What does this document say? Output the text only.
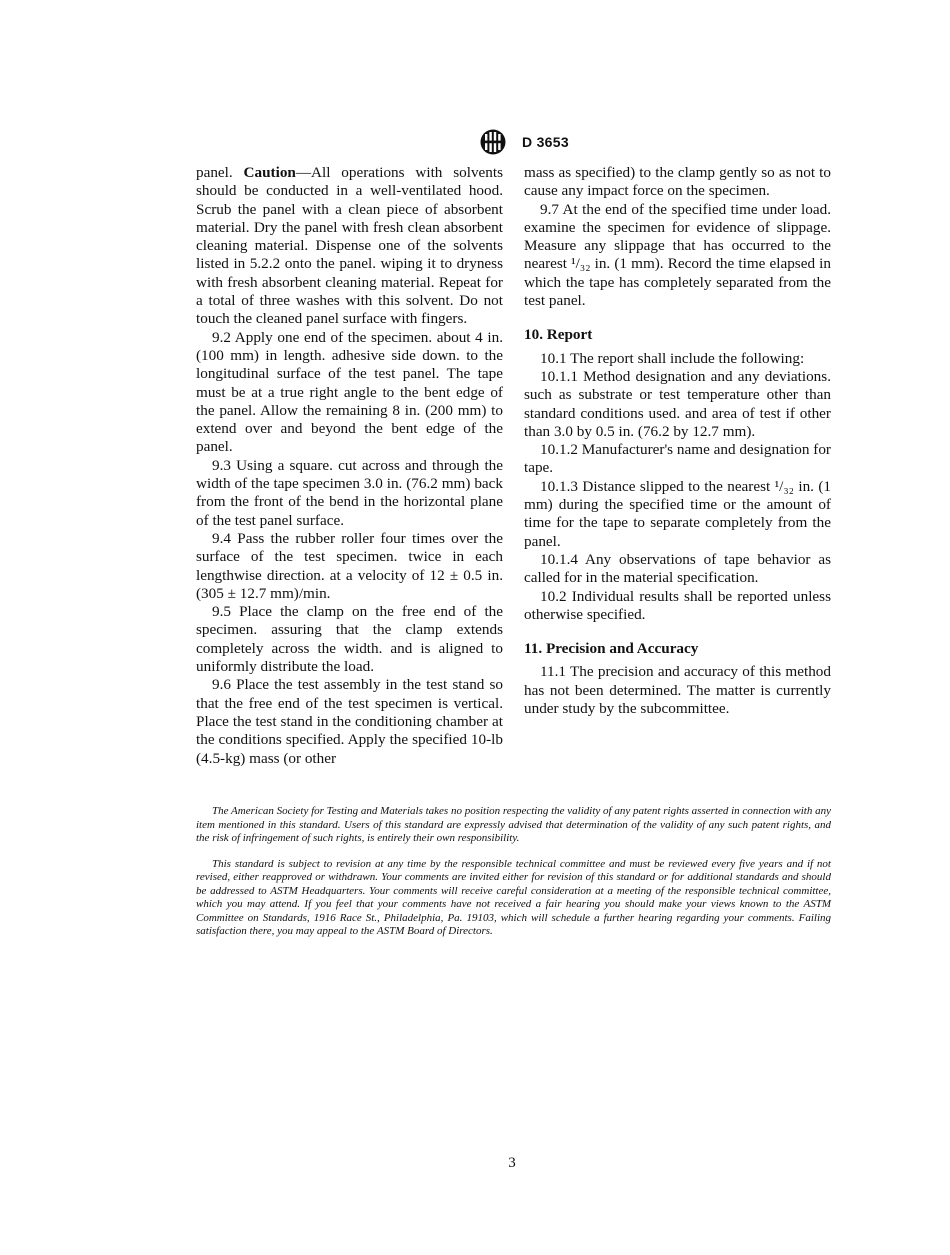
D 3653

panel. Caution—All operations with solvents should be conducted in a well-ventilated hood. Scrub the panel with a clean piece of absorbent material. Dry the panel with fresh clean absorbent cleaning material. Dispense one of the solvents listed in 5.2.2 onto the panel. wiping it to dryness with fresh absorbent cleaning material. Repeat for a total of three washes with this solvent. Do not touch the cleaned panel surface with fingers.

9.2 Apply one end of the specimen. about 4 in. (100 mm) in length. adhesive side down. to the longitudinal surface of the test panel. The tape must be at a true right angle to the bent edge of the panel. Allow the remaining 8 in. (200 mm) to extend over and beyond the bent edge of the panel.

9.3 Using a square. cut across and through the width of the tape specimen 3.0 in. (76.2 mm) back from the front of the bend in the horizontal plane of the test panel surface.

9.4 Pass the rubber roller four times over the surface of the test specimen. twice in each lengthwise direction. at a velocity of 12 ± 0.5 in. (305 ± 12.7 mm)/min.

9.5 Place the clamp on the free end of the specimen. assuring that the clamp extends completely across the width. and is aligned to uniformly distribute the load.

9.6 Place the test assembly in the test stand so that the free end of the test specimen is vertical. Place the test stand in the conditioning chamber at the conditions specified. Apply the specified 10-lb (4.5-kg) mass (or other

mass as specified) to the clamp gently so as not to cause any impact force on the specimen.

9.7 At the end of the specified time under load. examine the specimen for evidence of slippage. Measure any slippage that has occurred to the nearest ¹/₃₂ in. (1 mm). Record the time elapsed in which the tape has completely separated from the test panel.

10. Report

10.1 The report shall include the following:

10.1.1 Method designation and any deviations. such as substrate or test temperature other than standard conditions used. and area of test if other than 3.0 by 0.5 in. (76.2 by 12.7 mm).

10.1.2 Manufacturer's name and designation for tape.

10.1.3 Distance slipped to the nearest ¹/₃₂ in. (1 mm) during the specified time or the amount of time for the tape to separate completely from the panel.

10.1.4 Any observations of tape behavior as called for in the material specification.

10.2 Individual results shall be reported unless otherwise specified.

11. Precision and Accuracy

11.1 The precision and accuracy of this method has not been determined. The matter is currently under study by the subcommittee.

The American Society for Testing and Materials takes no position respecting the validity of any patent rights asserted in connection with any item mentioned in this standard. Users of this standard are expressly advised that determination of the validity of any such patent rights, and the risk of infringement of such rights, is entirely their own responsibility.

This standard is subject to revision at any time by the responsible technical committee and must be reviewed every five years and if not revised, either reapproved or withdrawn. Your comments are invited either for revision of this standard or for additional standards and should be addressed to ASTM Headquarters. Your comments will receive careful consideration at a meeting of the responsible technical committee, which you may attend. If you feel that your comments have not received a fair hearing you should make your views known to the ASTM Committee on Standards, 1916 Race St., Philadelphia, Pa. 19103, which will schedule a further hearing regarding your comments. Failing satisfaction there, you may appeal to the ASTM Board of Directors.

3
